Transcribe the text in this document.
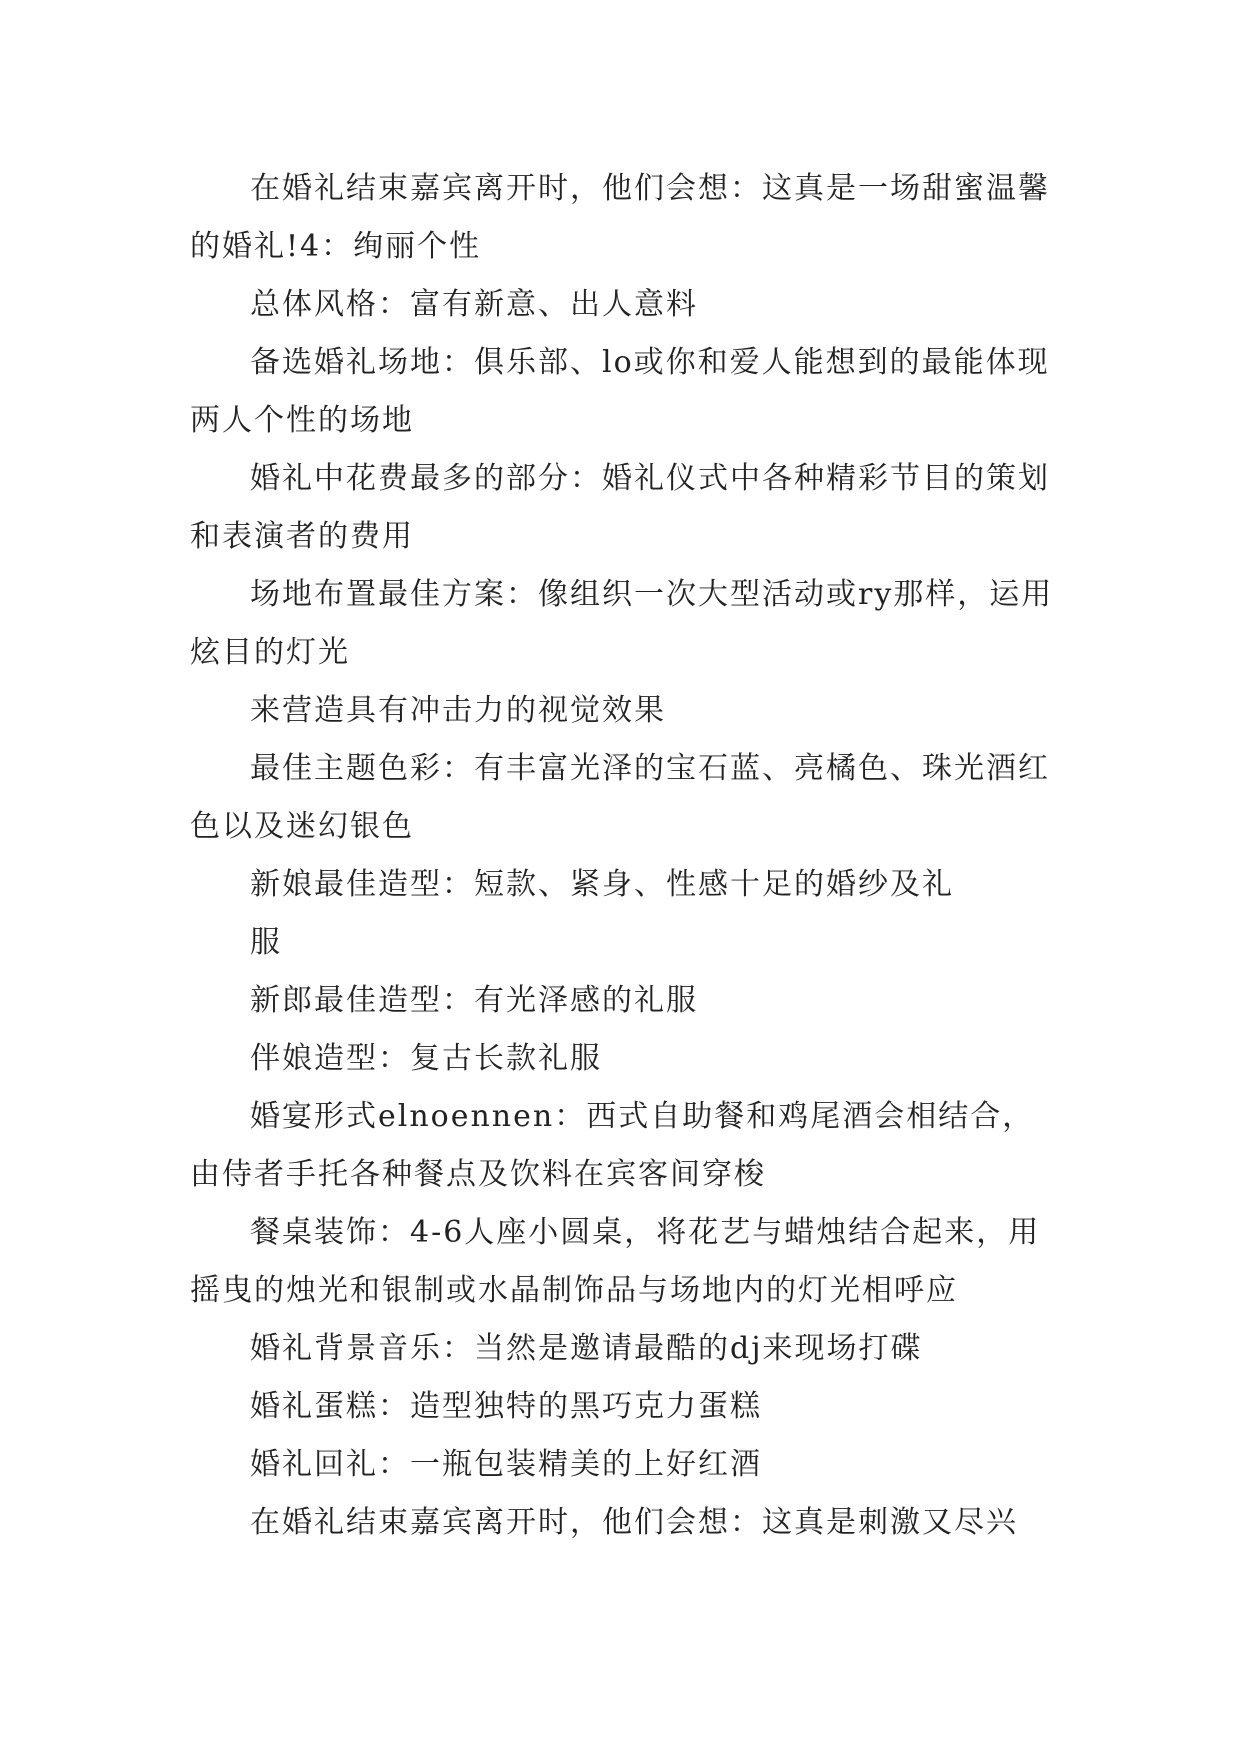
在婚礼结束嘉宾离开时，他们会想：这真是一场甜蜜温馨的婚礼!4：绚丽个性

总体风格：富有新意、出人意料

备选婚礼场地：俱乐部、lo或你和爱人能想到的最能体现两人个性的场地

婚礼中花费最多的部分：婚礼仪式中各种精彩节目的策划和表演者的费用

场地布置最佳方案：像组织一次大型活动或ry那样，运用炫目的灯光

来营造具有冲击力的视觉效果

最佳主题色彩：有丰富光泽的宝石蓝、亮橘色、珠光酒红色以及迷幻银色

新娘最佳造型：短款、紧身、性感十足的婚纱及礼

服

新郎最佳造型：有光泽感的礼服

伴娘造型：复古长款礼服

婚宴形式elnoennen：西式自助餐和鸡尾酒会相结合，由侍者手托各种餐点及饮料在宾客间穿梭

餐桌装饰：4-6人座小圆桌，将花艺与蜡烛结合起来，用摇曳的烛光和银制或水晶制饰品与场地内的灯光相呼应

婚礼背景音乐：当然是邀请最酷的dj来现场打碟

婚礼蛋糕：造型独特的黑巧克力蛋糕

婚礼回礼：一瓶包装精美的上好红酒

在婚礼结束嘉宾离开时，他们会想：这真是刺激又尽兴
